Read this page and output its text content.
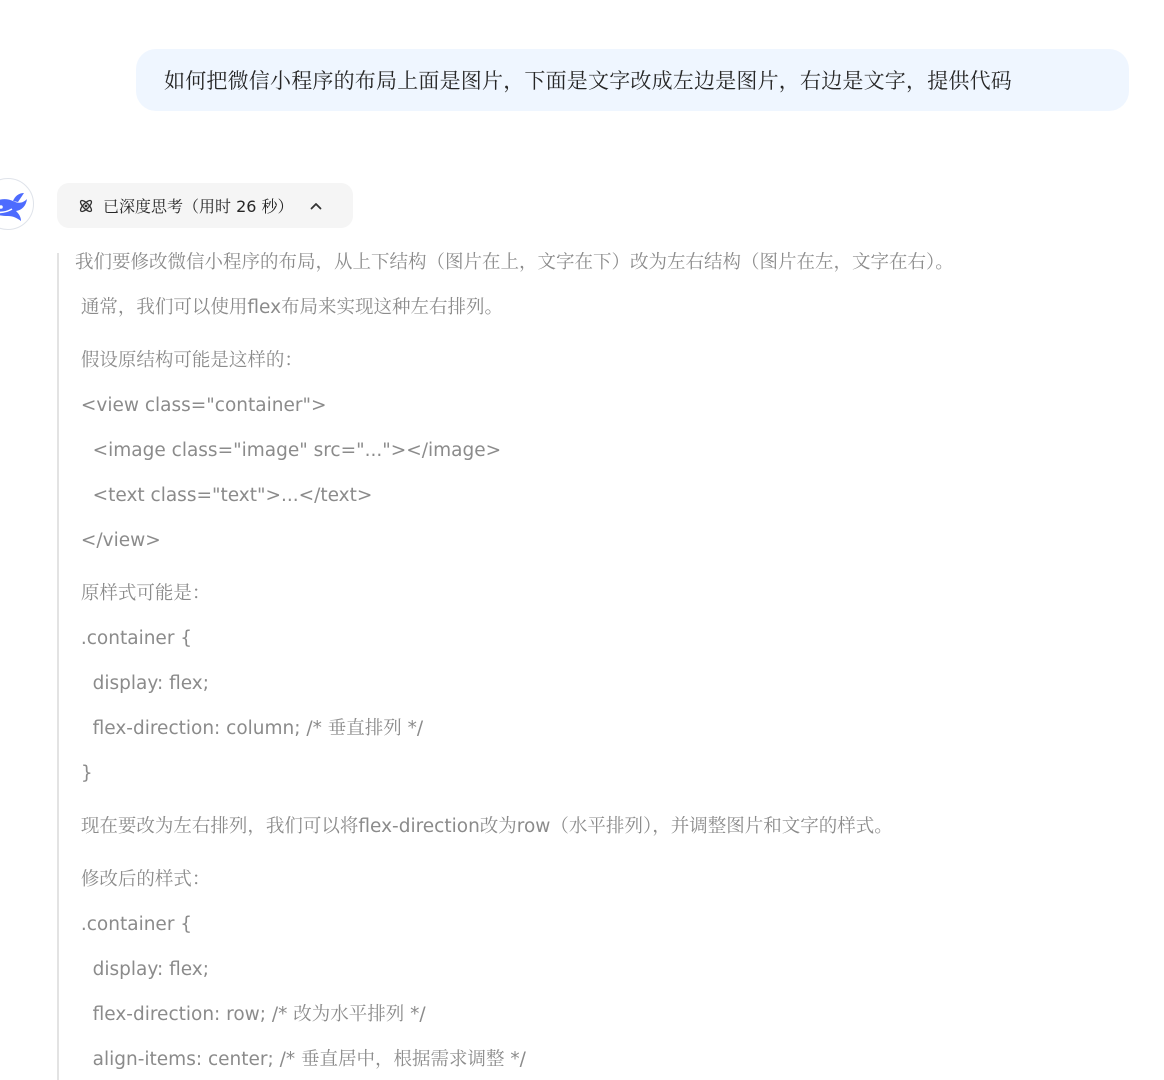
如何把微信小程序的布局上面是图片，下面是文字改成左边是图片，右边是文字，提供代码
已深度思考（用时 26 秒）
我们要修改微信小程序的布局，从上下结构（图片在上，文字在下）改为左右结构（图片在左，文字在右）。
通常，我们可以使用flex布局来实现这种左右排列。
假设原结构可能是这样的：
<view class="container">
<image class="image" src="..."></image>
<text class="text">...</text>
</view>
原样式可能是：
.container {
display: flex;
flex-direction: column; /* 垂直排列 */
}
现在要改为左右排列，我们可以将flex-direction改为row（水平排列），并调整图片和文字的样式。
修改后的样式：
.container {
display: flex;
flex-direction: row; /* 改为水平排列 */
align-items: center; /* 垂直居中，根据需求调整 */
